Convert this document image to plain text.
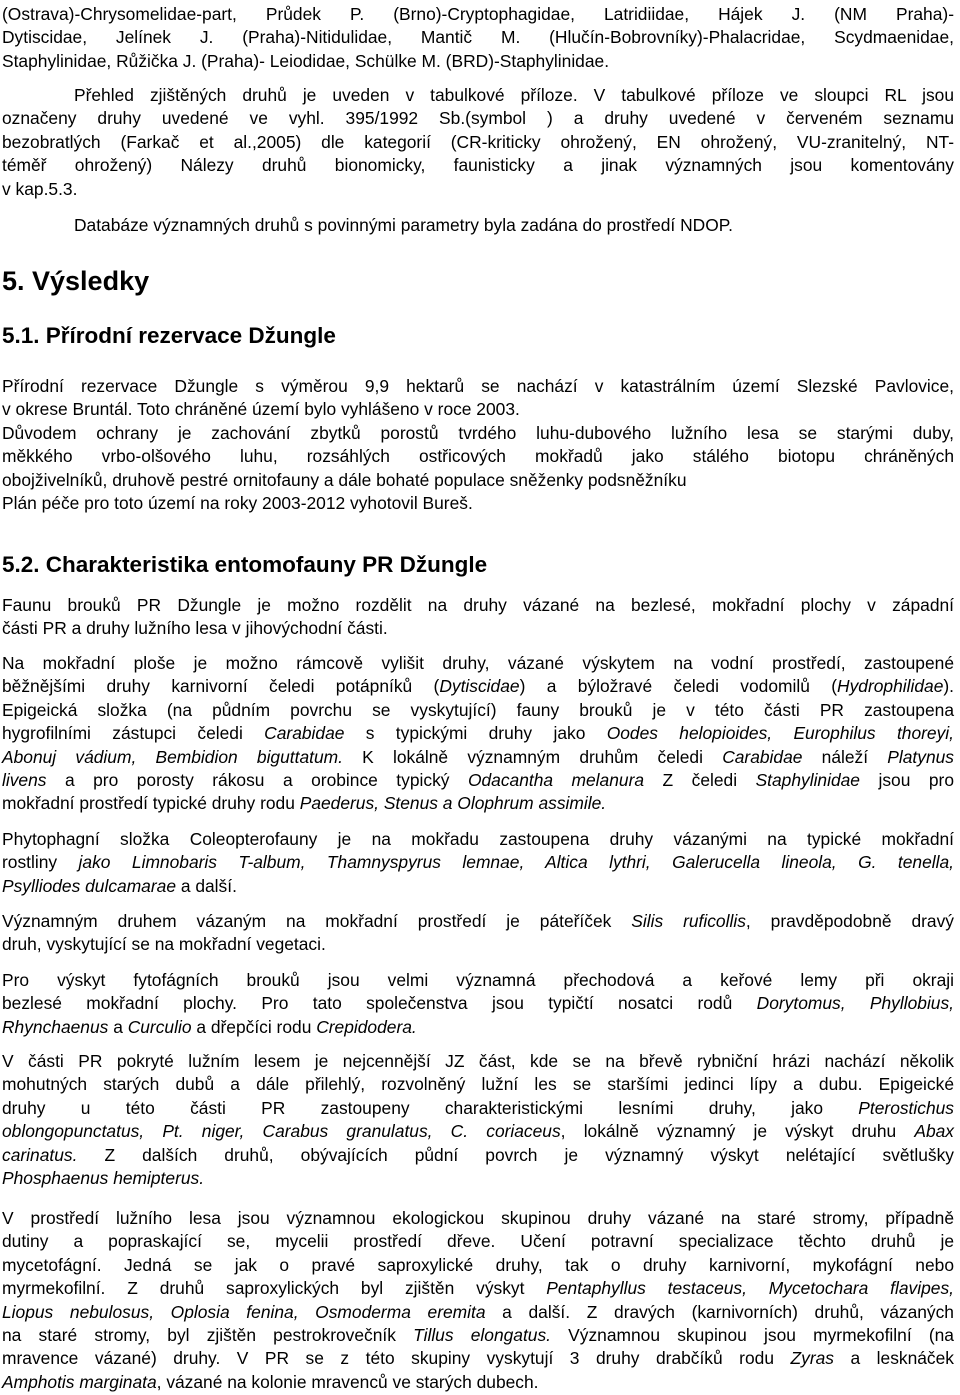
(Ostrava)-Chrysomelidae-part, Průdek P. (Brno)-Cryptophagidae, Latridiidae, Hájek J. (NM Praha)-
Dytiscidae, Jelínek J. (Praha)-Nitidulidae, Mantič M. (Hlučín-Bobrovníky)-Phalacridae, Scydmaenidae,
Staphylinidae, Růžička J. (Praha)- Leiodidae, Schülke M. (BRD)-Staphylinidae.

Přehled zjištěných druhů je uveden v tabulkové příloze. V tabulkové příloze ve sloupci RL jsou
označeny druhy uvedené ve vyhl. 395/1992 Sb.(symbol ) a druhy uvedené v červeném seznamu
bezobratlých (Farkač et al.,2005) dle kategorií (CR-kriticky ohrožený, EN ohrožený, VU-zranitelný, NT-
téměř ohrožený) Nálezy druhů bionomicky, faunisticky a jinak významných jsou komentovány
v kap.5.3.

Databáze významných druhů s povinnými parametry byla zadána do prostředí NDOP.

5. Výsledky
5.1. Přírodní rezervace Džungle

Přírodní rezervace Džungle s výměrou 9,9 hektarů se nachází v katastrálním území Slezské Pavlovice,
v okrese Bruntál. Toto chráněné území bylo vyhlášeno v roce 2003.
Důvodem ochrany je zachování zbytků porostů tvrdého luhu-dubového lužního lesa se starými duby,
měkkého vrbo-olšového luhu, rozsáhlých ostřicových mokřadů jako stálého biotopu chráněných
obojživelníků, druhově pestré ornitofauny a dále bohaté populace sněženky podsněžníku
Plán péče pro toto území na roky 2003-2012 vyhotovil Bureš.

5.2. Charakteristika entomofauny PR Džungle

Faunu brouků PR Džungle je možno rozdělit na druhy vázané na bezlesé, mokřadní plochy v západní
části PR a druhy lužního lesa v jihovýchodní části.

Na mokřadní ploše je možno rámcově vylišit druhy, vázané výskytem na vodní prostředí, zastoupené
běžnějšími druhy karnivorní čeledi potápníků (Dytiscidae) a býložravé čeledi vodomilů (Hydrophilidae).
Epigeická složka (na půdním povrchu se vyskytující) fauny brouků je v této části PR zastoupena
hygrofilními zástupci čeledi Carabidae s typickými druhy jako Oodes helopioides, Europhilus thoreyi,
Abonuj vádium, Bembidion biguttatum. K lokálně významným druhům čeledi Carabidae náleží Platynus
livens a pro porosty rákosu a orobince typický Odacantha melanura Z čeledi Staphylinidae jsou pro
mokřadní prostředí typické druhy rodu Paederus, Stenus a Olophrum assimile.

Phytophagní složka Coleopterofauny je na mokřadu zastoupena druhy vázanými na typické mokřadní
rostliny jako Limnobaris T-album, Thamnyspyrus lemnae, Altica lythri, Galerucella lineola, G. tenella,
Psylliodes dulcamarae a další.

Významným druhem vázaným na mokřadní prostředí je páteříček Silis ruficollis, pravděpodobně dravý
druh, vyskytující se na mokřadní vegetaci.

Pro výskyt fytofágních brouků jsou velmi významná přechodová a keřové lemy při okraji
bezlesé mokřadní plochy. Pro tato společenstva jsou typičtí nosatci rodů Dorytomus, Phyllobius,
Rhynchaenus a Curculio a dřepčíci rodu Crepidodera.

V části PR pokryté lužním lesem je nejcennější JZ část, kde se na břevě rybniční hrázi nachází několik
mohutných starých dubů a dále přilehlý, rozvolněný lužní les se staršími jedinci lípy a dubu. Epigeické
druhy u této části PR zastoupeny charakteristickými lesními druhy, jako Pterostichus
oblongopunctatus, Pt. niger, Carabus granulatus, C. coriaceus, lokálně významný je výskyt druhu Abax
carinatus. Z dalších druhů, obývajících půdní povrch je významný výskyt nelétající světlušky
Phosphaenus hemipterus.

V prostředí lužního lesa jsou významnou ekologickou skupinou druhy vázané na staré stromy, případně
dutiny a popraskající se, mycelii prostředí dřeve. Učení potravní specializace těchto druhů je
mycetofágní. Jedná se jak o pravé saproxylické druhy, tak o druhy karnivorní, mykofágní nebo
myrmekofilní. Z druhů saproxylických byl zjištěn výskyt Pentaphyllus testaceus, Mycetochara flavipes,
Liopus nebulosus, Oplosia fenina, Osmoderma eremita a další. Z dravých (karnivorních) druhů, vázaných
na staré stromy, byl zjištěn pestrokrovečník Tillus elongatus. Významnou skupinou jsou myrmekofilní (na
mravence vázané) druhy. V PR se z této skupiny vyskytují 3 druhy drabčíků rodu Zyras a lesknáček
Amphotis marginata, vázané na kolonie mravenců ve starých dubech.
